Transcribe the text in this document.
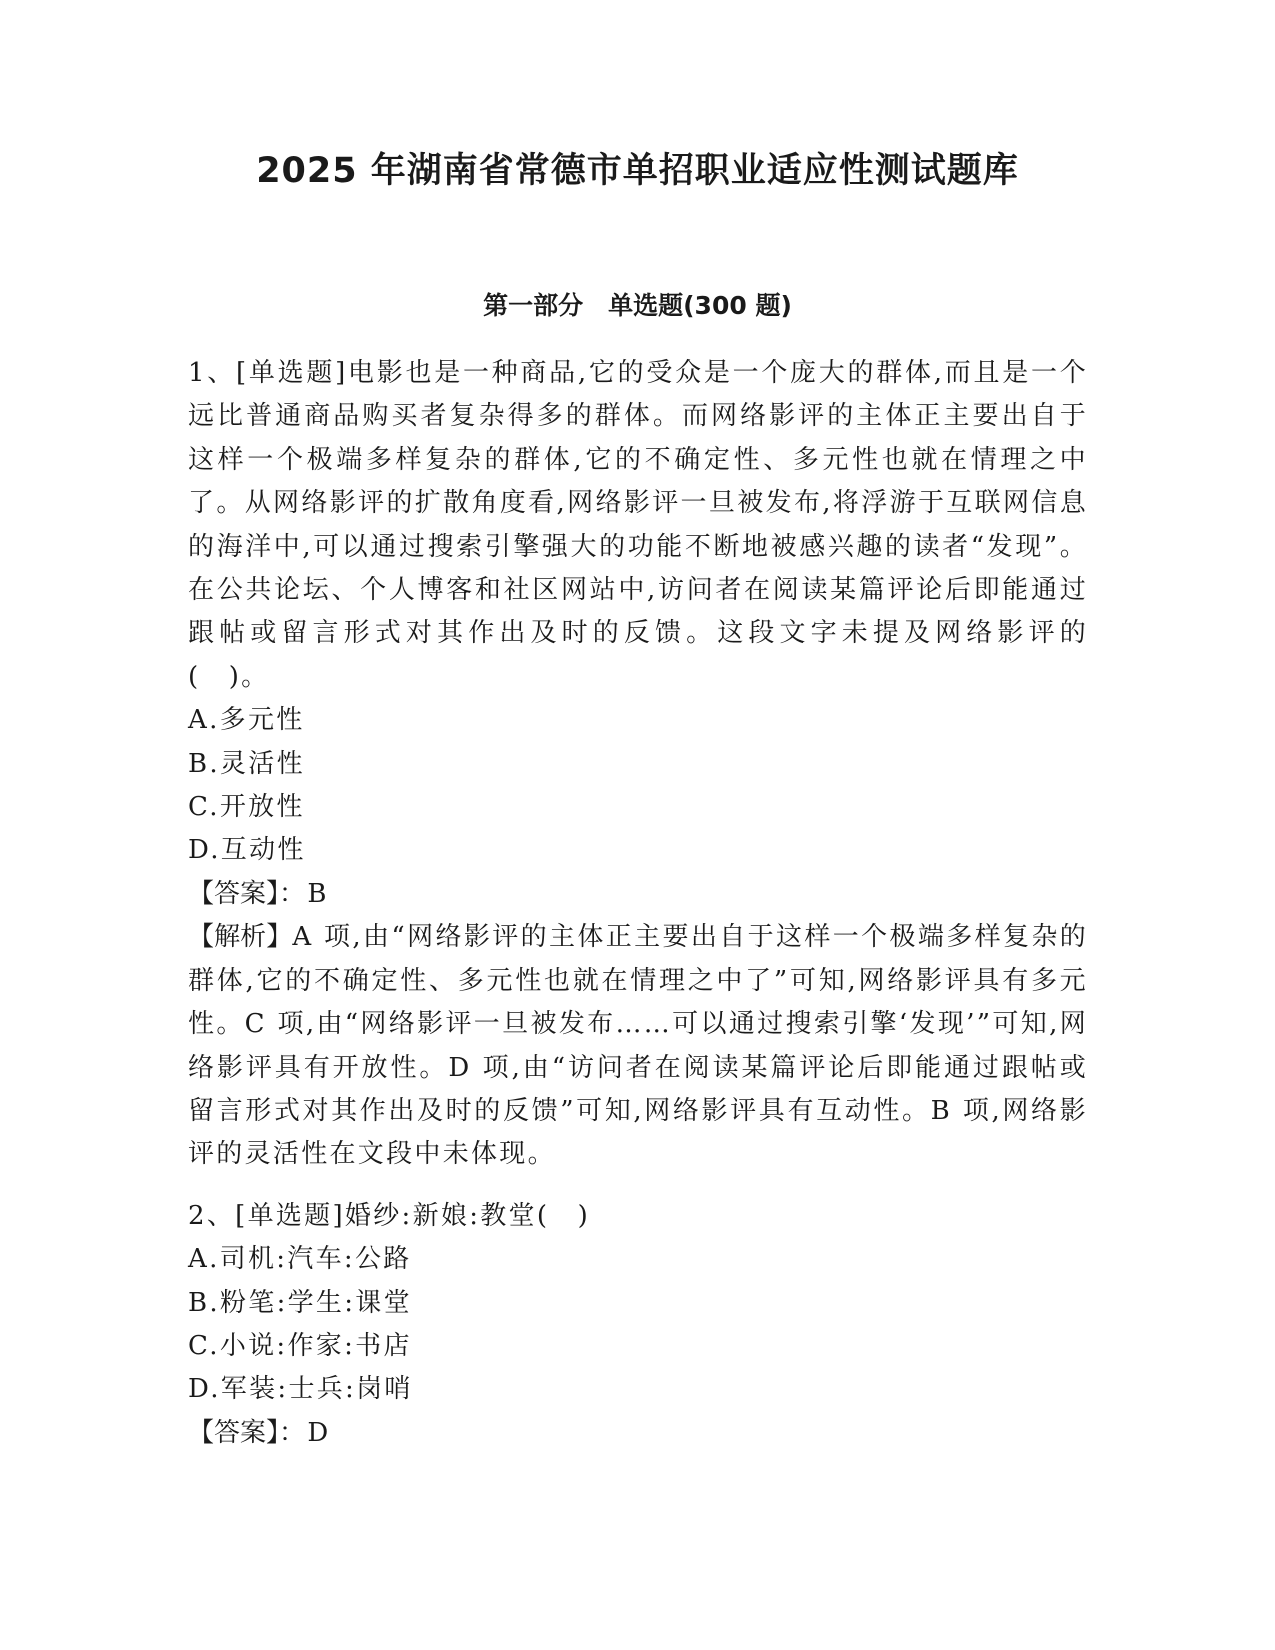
2025 年湖南省常德市单招职业适应性测试题库
第一部分　单选题(300 题)

1、[单选题]电影也是一种商品,它的受众是一个庞大的群体,而且是一个远比普通商品购买者复杂得多的群体。而网络影评的主体正主要出自于这样一个极端多样复杂的群体,它的不确定性、多元性也就在情理之中了。从网络影评的扩散角度看,网络影评一旦被发布,将浮游于互联网信息的海洋中,可以通过搜索引擎强大的功能不断地被感兴趣的读者“发现”。在公共论坛、个人博客和社区网站中,访问者在阅读某篇评论后即能通过跟帖或留言形式对其作出及时的反馈。这段文字未提及网络影评的(　)。

A.多元性

B.灵活性

C.开放性

D.互动性

【答案】：B

【解析】A 项,由“网络影评的主体正主要出自于这样一个极端多样复杂的群体,它的不确定性、多元性也就在情理之中了”可知,网络影评具有多元性。C 项,由“网络影评一旦被发布……可以通过搜索引擎‘发现’”可知,网络影评具有开放性。D 项,由“访问者在阅读某篇评论后即能通过跟帖或留言形式对其作出及时的反馈”可知,网络影评具有互动性。B 项,网络影评的灵活性在文段中未体现。

2、[单选题]婚纱:新娘:教堂(　)

A.司机:汽车:公路

B.粉笔:学生:课堂

C.小说:作家:书店

D.军装:士兵:岗哨

【答案】：D
